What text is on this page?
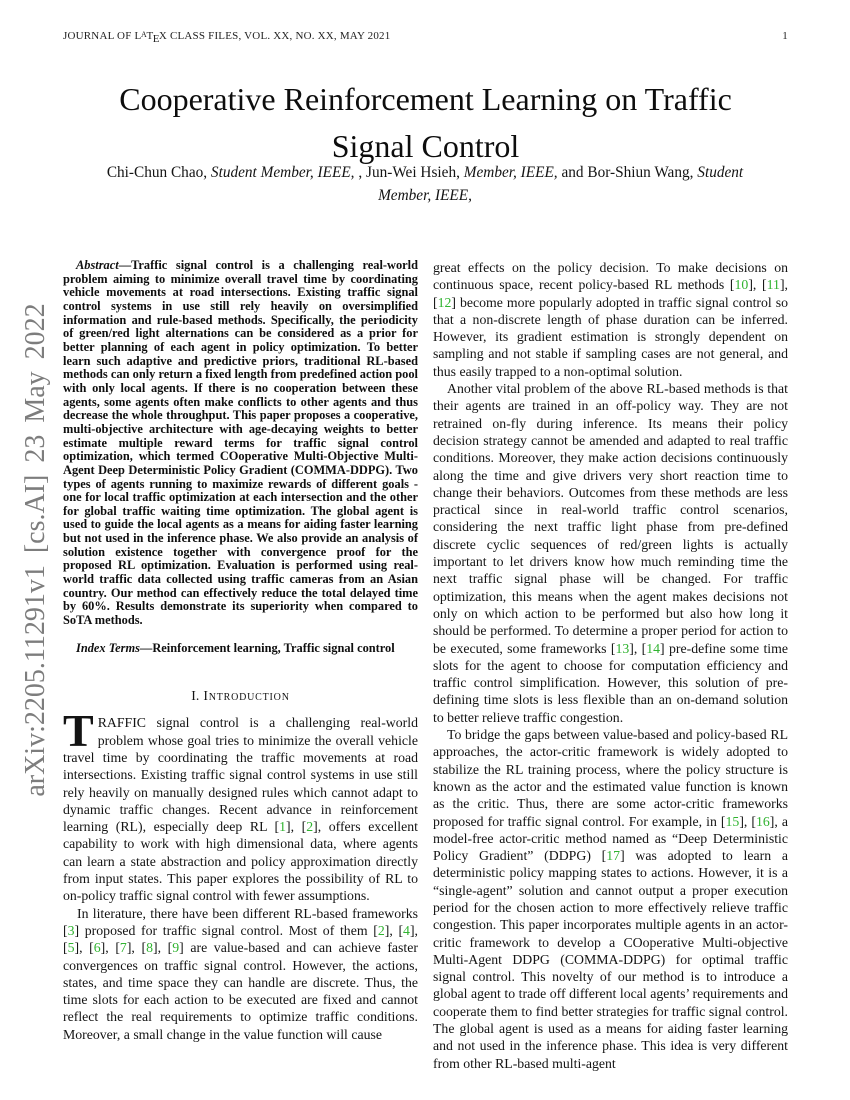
JOURNAL OF $L^ATEX$ CLASS FILES, VOL. XX, NO. XX, MAY 2021	1
arXiv:2205.11291v1 [cs.AI] 23 May 2022
Cooperative Reinforcement Learning on Traffic
Signal Control
Chi-Chun Chao, Student Member, IEEE, , Jun-Wei Hsieh, Member, IEEE, and Bor-Shiun Wang, Student Member, IEEE,

Abstract—Traffic signal control is a challenging real-world problem aiming to minimize overall travel time by coordinating vehicle movements at road intersections. Existing traffic signal control systems in use still rely heavily on oversimplified information and rule-based methods. Specifically, the periodicity of green/red light alternations can be considered as a prior for better planning of each agent in policy optimization. To better learn such adaptive and predictive priors, traditional RL-based methods can only return a fixed length from predefined action pool with only local agents. If there is no cooperation between these agents, some agents often make conflicts to other agents and thus decrease the whole throughput. This paper proposes a cooperative, multi-objective architecture with age-decaying weights to better estimate multiple reward terms for traffic signal control optimization, which termed COoperative Multi-Objective Multi-Agent Deep Deterministic Policy Gradient (COMMA-DDPG). Two types of agents running to maximize rewards of different goals - one for local traffic optimization at each intersection and the other for global traffic waiting time optimization. The global agent is used to guide the local agents as a means for aiding faster learning but not used in the inference phase. We also provide an analysis of solution existence together with convergence proof for the proposed RL optimization. Evaluation is performed using real-world traffic data collected using traffic cameras from an Asian country. Our method can effectively reduce the total delayed time by 60%. Results demonstrate its superiority when compared to SoTA methods.

Index Terms—Reinforcement learning, Traffic signal control

I. Introduction

TRAFFIC signal control is a challenging real-world problem whose goal tries to minimize the overall vehicle travel time by coordinating the traffic movements at road intersections. Existing traffic signal control systems in use still rely heavily on manually designed rules which cannot adapt to dynamic traffic changes. Recent advance in reinforcement learning (RL), especially deep RL [1], [2], offers excellent capability to work with high dimensional data, where agents can learn a state abstraction and policy approximation directly from input states. This paper explores the possibility of RL to on-policy traffic signal control with fewer assumptions.

In literature, there have been different RL-based frameworks [3] proposed for traffic signal control. Most of them [2], [4], [5], [6], [7], [8], [9] are value-based and can achieve faster convergences on traffic signal control. However, the actions, states, and time space they can handle are discrete. Thus, the time slots for each action to be executed are fixed and cannot reflect the real requirements to optimize traffic conditions. Moreover, a small change in the value function will cause

great effects on the policy decision. To make decisions on continuous space, recent policy-based RL methods [10], [11], [12] become more popularly adopted in traffic signal control so that a non-discrete length of phase duration can be inferred. However, its gradient estimation is strongly dependent on sampling and not stable if sampling cases are not general, and thus easily trapped to a non-optimal solution.

Another vital problem of the above RL-based methods is that their agents are trained in an off-policy way. They are not retrained on-fly during inference. Its means their policy decision strategy cannot be amended and adapted to real traffic conditions. Moreover, they make action decisions continuously along the time and give drivers very short reaction time to change their behaviors. Outcomes from these methods are less practical since in real-world traffic control scenarios, considering the next traffic light phase from pre-defined discrete cyclic sequences of red/green lights is actually important to let drivers know how much reminding time the next traffic signal phase will be changed. For traffic optimization, this means when the agent makes decisions not only on which action to be performed but also how long it should be performed. To determine a proper period for action to be executed, some frameworks [13], [14] pre-define some time slots for the agent to choose for computation efficiency and traffic control simplification. However, this solution of pre-defining time slots is less flexible than an on-demand solution to better relieve traffic congestion.

To bridge the gaps between value-based and policy-based RL approaches, the actor-critic framework is widely adopted to stabilize the RL training process, where the policy structure is known as the actor and the estimated value function is known as the critic. Thus, there are some actor-critic frameworks proposed for traffic signal control. For example, in [15], [16], a model-free actor-critic method named as “Deep Deterministic Policy Gradient” (DDPG) [17] was adopted to learn a deterministic policy mapping states to actions. However, it is a “single-agent” solution and cannot output a proper execution period for the chosen action to more effectively relieve traffic congestion. This paper incorporates multiple agents in an actor-critic framework to develop a COoperative Multi-objective Multi-Agent DDPG (COMMA-DDPG) for optimal traffic signal control. This novelty of our method is to introduce a global agent to trade off different local agents’ requirements and cooperate them to find better strategies for traffic signal control. The global agent is used as a means for aiding faster learning and not used in the inference phase. This idea is very different from other RL-based multi-agent
